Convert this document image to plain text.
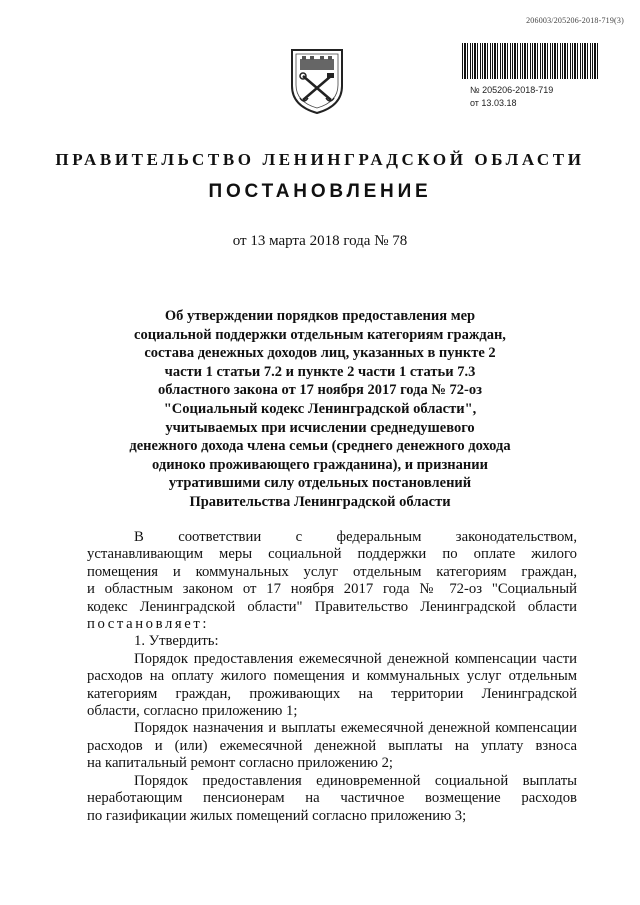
206003/205206-2018-719(3)
№ 205206-2018-719
от 13.03.18
ПРАВИТЕЛЬСТВО ЛЕНИНГРАДСКОЙ ОБЛАСТИ
ПОСТАНОВЛЕНИЕ
от 13 марта 2018 года № 78
Об утверждении порядков предоставления мер
социальной поддержки отдельным категориям граждан,
состава денежных доходов лиц, указанных в пункте 2
части 1 статьи 7.2 и пункте 2 части 1 статьи 7.3
областного закона от 17 ноября 2017 года № 72-оз
"Социальный кодекс Ленинградской области",
учитываемых при исчислении среднедушевого
денежного дохода члена семьи (среднего денежного дохода
одиноко проживающего гражданина), и признании
утратившими силу отдельных постановлений
Правительства Ленинградской области
В соответствии с федеральным законодательством,
устанавливающим меры социальной поддержки по оплате жилого
помещения и коммунальных услуг отдельным категориям граждан,
и областным законом от 17 ноября 2017 года № 72-оз "Социальный
кодекс Ленинградской области" Правительство Ленинградской области
постановляет:
1. Утвердить:
Порядок предоставления ежемесячной денежной компенсации части
расходов на оплату жилого помещения и коммунальных услуг отдельным
категориям граждан, проживающих на территории Ленинградской
области, согласно приложению 1;
Порядок назначения и выплаты ежемесячной денежной компенсации
расходов и (или) ежемесячной денежной выплаты на уплату взноса
на капитальный ремонт согласно приложению 2;
Порядок предоставления единовременной социальной выплаты
неработающим пенсионерам на частичное возмещение расходов
по газификации жилых помещений согласно приложению 3;
